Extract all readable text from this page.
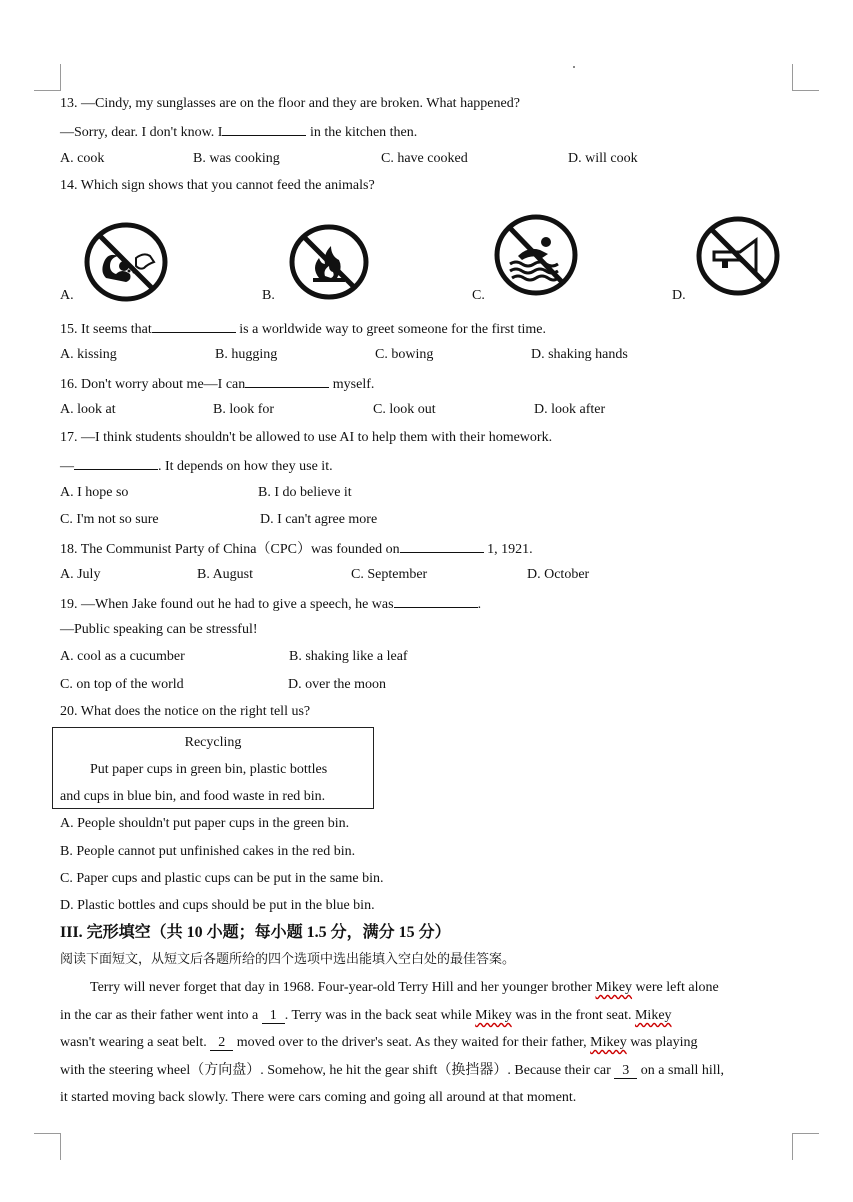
13. —Cindy, my sunglasses are on the floor and they are broken. What happened?
—Sorry, dear. I don't know. I	in the kitchen then.
A. cook	B. was cooking	C. have cooked	D. will cook
14. Which sign shows that you cannot feed the animals?
A.	B.	C.	D.
15. It seems that	is a worldwide way to greet someone for the first time.
A. kissing	B. hugging	C. bowing	D. shaking hands
16. Don't worry about me—I can	myself.
A. look at	B. look for	C. look out	D. look after
17. —I think students shouldn't be allowed to use AI to help them with their homework.
—	. It depends on how they use it.
A. I hope so	B. I do believe it
C. I'm not so sure	D. I can't agree more
18. The Communist Party of China（CPC）was founded on	1, 1921.
A. July	B. August	C. September	D. October
19. —When Jake found out he had to give a speech, he was	.
—Public speaking can be stressful!
A. cool as a cucumber	B. shaking like a leaf
C. on top of the world	D. over the moon
20. What does the notice on the right tell us?
Recycling
Put paper cups in green bin, plastic bottles
and cups in blue bin, and food waste in red bin.
A. People shouldn't put paper cups in the green bin.
B. People cannot put unfinished cakes in the red bin.
C. Paper cups and plastic cups can be put in the same bin.
D. Plastic bottles and cups should be put in the blue bin.
III. 完形填空（共 10 小题；每小题 1.5 分，满分 15 分）
阅读下面短文，从短文后各题所给的四个选项中选出能填入空白处的最佳答案。
Terry will never forget that day in 1968. Four-year-old Terry Hill and her younger brother Mikey were left alone
in the car as their father went into a 1 . Terry was in the back seat while Mikey was in the front seat. Mikey
wasn't wearing a seat belt. 2 moved over to the driver's seat. As they waited for their father, Mikey was playing
with the steering wheel（方向盘）. Somehow, he hit the gear shift（换挡器）. Because their car 3 on a small hill,
it started moving back slowly. There were cars coming and going all around at that moment.
